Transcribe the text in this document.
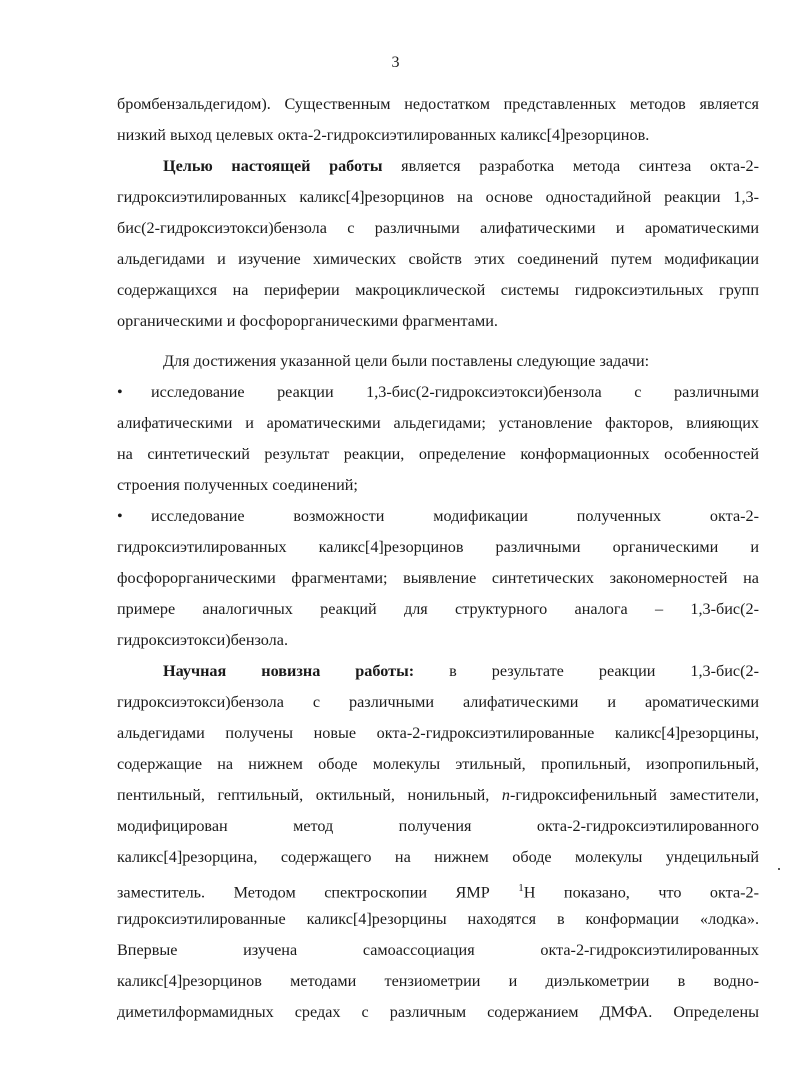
3
бромбензальдегидом). Существенным недостатком представленных методов является
низкий выход целевых окта-2-гидроксиэтилированных каликс[4]резорцинов.
Целью настоящей работы является разработка метода синтеза окта-2-
гидроксиэтилированных каликс[4]резорцинов на основе одностадийной реакции 1,3-
бис(2-гидроксиэтокси)бензола с различными алифатическими и ароматическими
альдегидами и изучение химических свойств этих соединений путем модификации
содержащихся на периферии макроциклической системы гидроксиэтильных групп
органическими и фосфорорганическими фрагментами.
Для достижения указанной цели были поставлены следующие задачи:
•	исследование реакции 1,3-бис(2-гидроксиэтокси)бензола с различными
алифатическими и ароматическими альдегидами; установление факторов, влияющих
на синтетический результат реакции, определение конформационных особенностей
строения полученных соединений;
•	исследование возможности модификации полученных окта-2-
гидроксиэтилированных каликс[4]резорцинов различными органическими и
фосфорорганическими фрагментами; выявление синтетических закономерностей на
примере аналогичных реакций для структурного аналога – 1,3-бис(2-
гидроксиэтокси)бензола.
Научная новизна работы: в результате реакции 1,3-бис(2-
гидроксиэтокси)бензола с различными алифатическими и ароматическими
альдегидами получены новые окта-2-гидроксиэтилированные каликс[4]резорцины,
содержащие на нижнем ободе молекулы этильный, пропильный, изопропильный,
пентильный, гептильный, октильный, нонильный, п-гидроксифенильный заместители,
модифицирован метод получения окта-2-гидроксиэтилированного
каликс[4]резорцина, содержащего на нижнем ободе молекулы ундецильный
заместитель. Методом спектроскопии ЯМР $^1$Н показано, что окта-2-
гидроксиэтилированные каликс[4]резорцины находятся в конформации «лодка».
Впервые изучена самоассоциация окта-2-гидроксиэтилированных
каликс[4]резорцинов методами тензиометрии и диэлькометрии в водно-
диметилформамидных средах с различным содержанием ДМФА. Определены
